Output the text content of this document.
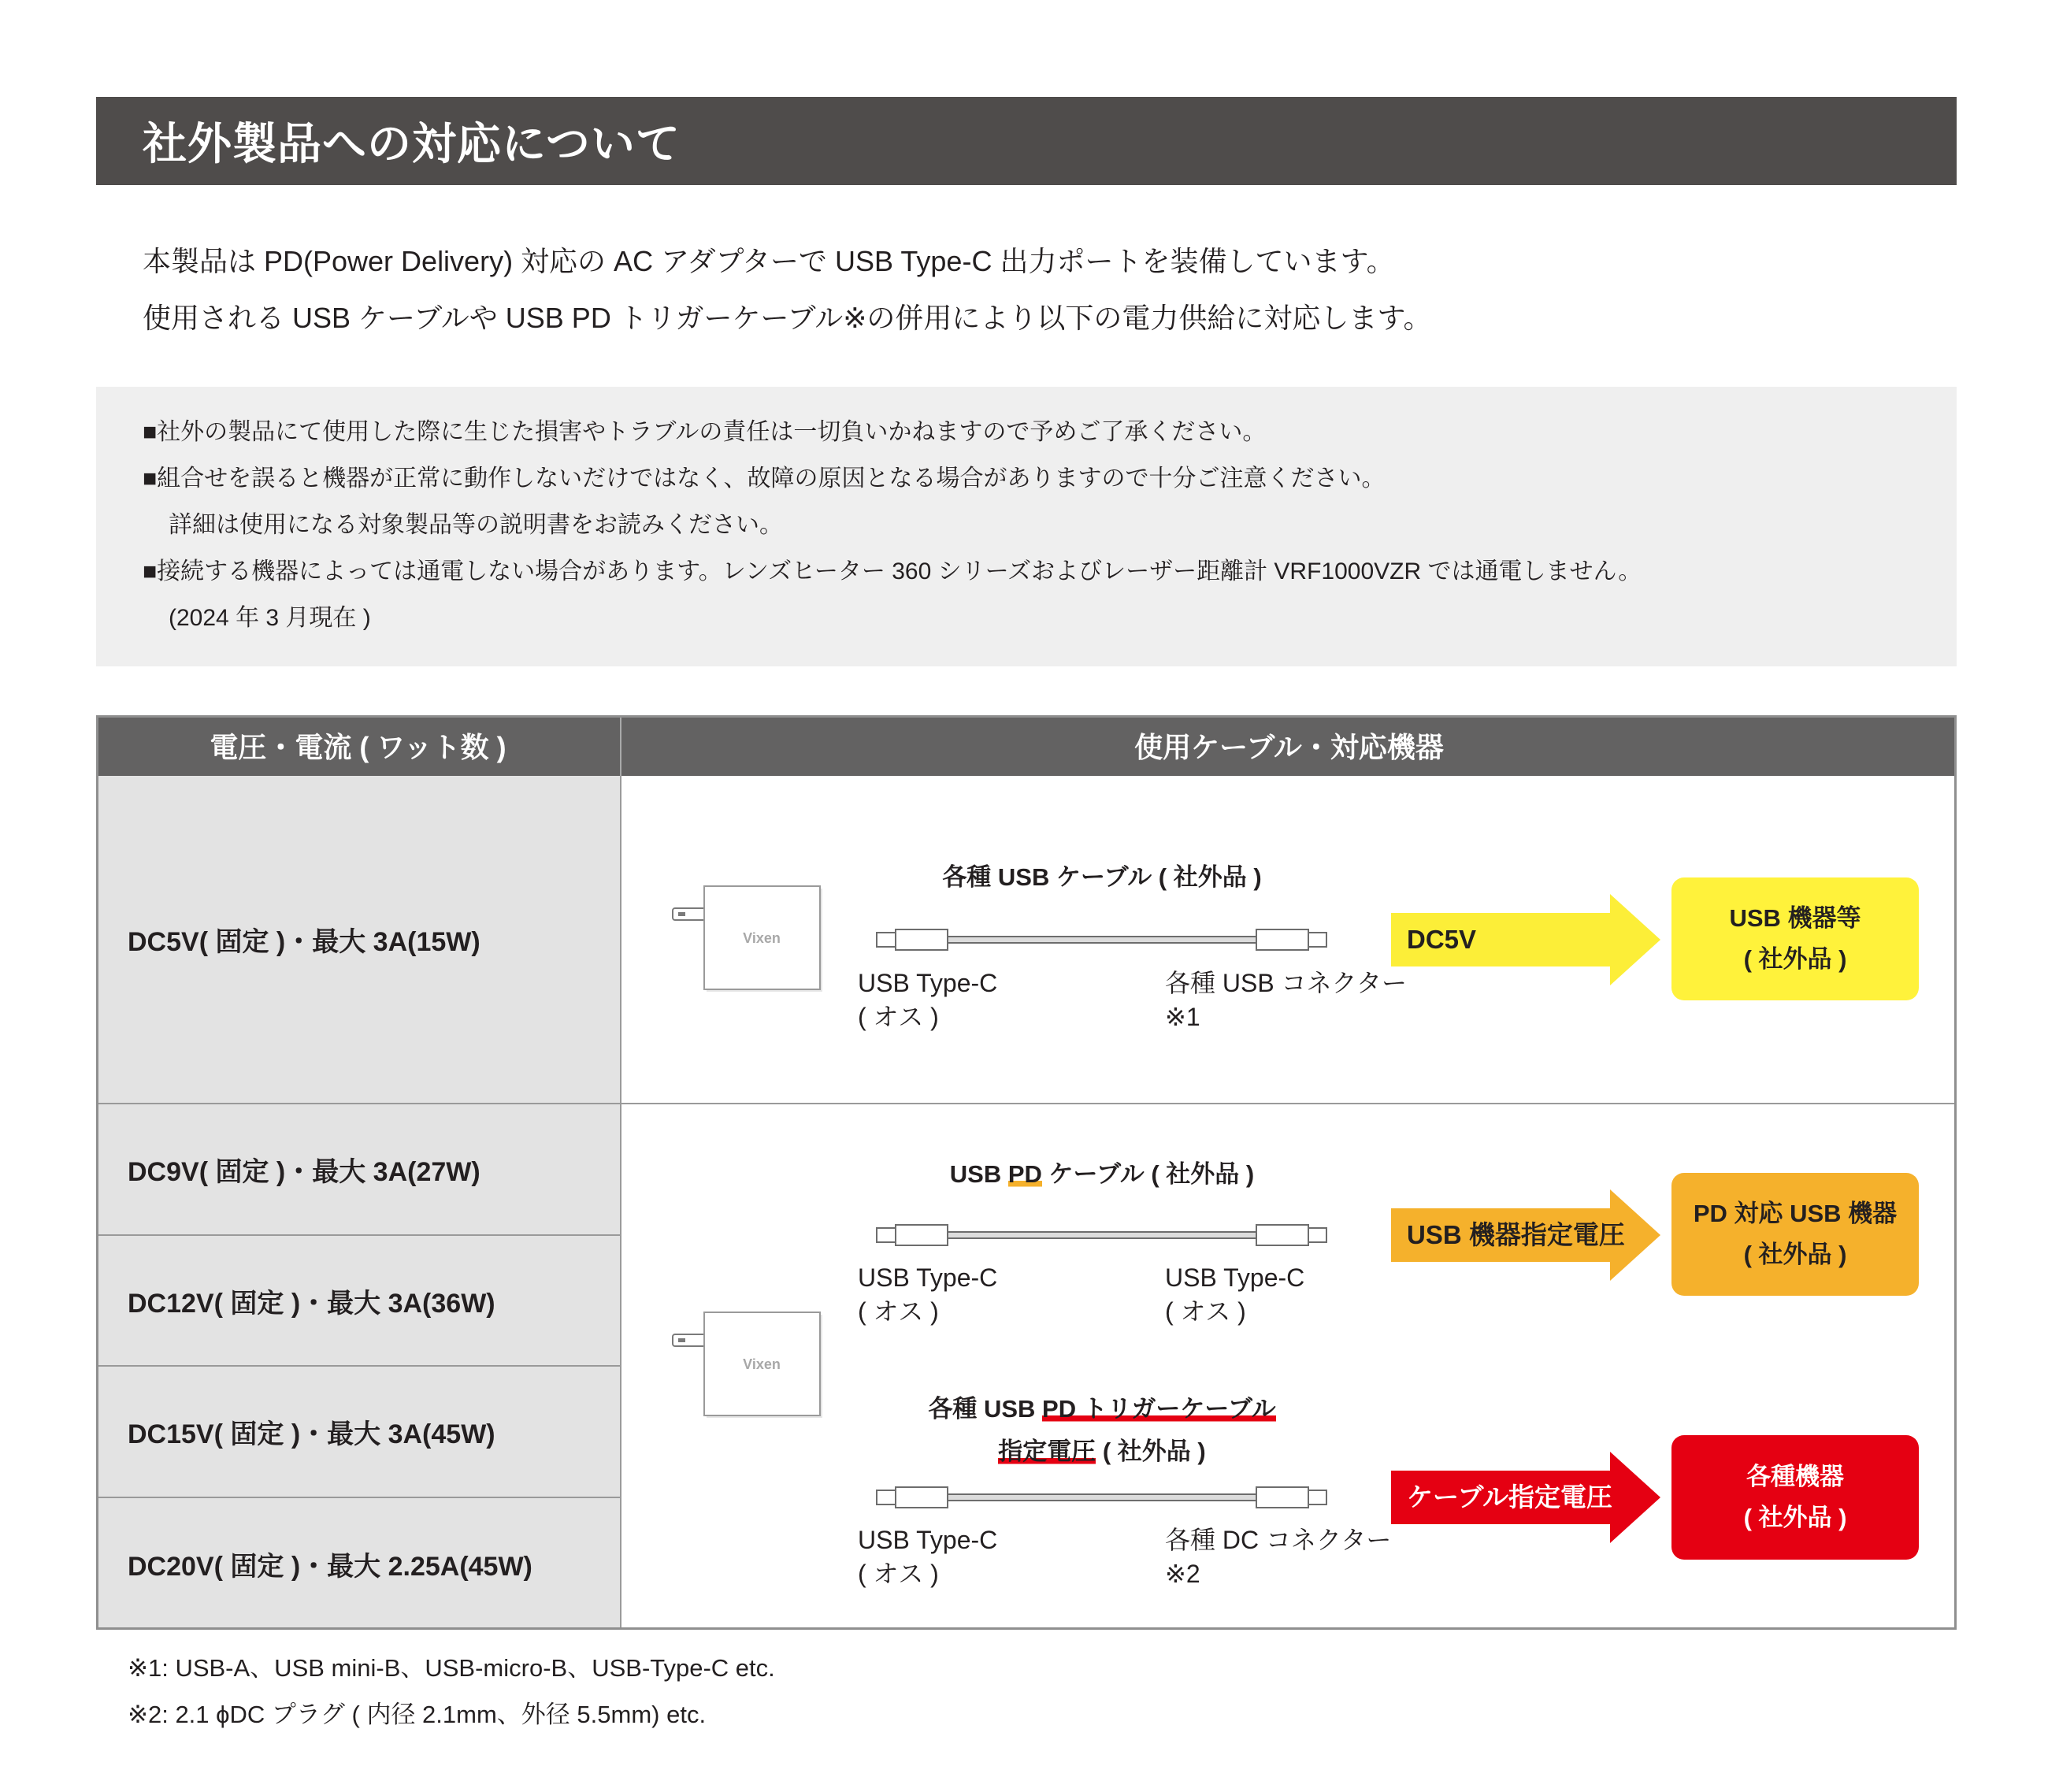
社外製品への対応について
本製品は PD(Power Delivery) 対応の AC アダプターで USB Type-C 出力ポートを装備しています。
使用される USB ケーブルや USB PD トリガーケーブル※の併用により以下の電力供給に対応します。
■社外の製品にて使用した際に生じた損害やトラブルの責任は一切負いかねますので予めご了承ください。
■組合せを誤ると機器が正常に動作しないだけではなく、故障の原因となる場合がありますので十分ご注意ください。
詳細は使用になる対象製品等の説明書をお読みください。
■接続する機器によっては通電しない場合があります。レンズヒーター 360 シリーズおよびレーザー距離計 VRF1000VZR では通電しません。
(2024 年 3 月現在 )
電圧・電流 ( ワット数 )	使用ケーブル・対応機器
DC5V( 固定 )・最大 3A(15W)
DC9V( 固定 )・最大 3A(27W)
DC12V( 固定 )・最大 3A(36W)
DC15V( 固定 )・最大 3A(45W)
DC20V( 固定 )・最大 2.25A(45W)
Vixen
各種 USB ケーブル ( 社外品 )
USB Type-C
( オス )
各種 USB コネクター
※1
DC5V
USB 機器等
( 社外品 )
Vixen
USB PD ケーブル ( 社外品 )
USB Type-C
( オス )
USB Type-C
( オス )
USB 機器指定電圧
PD 対応 USB 機器
( 社外品 )
各種 USB PD トリガーケーブル
指定電圧 ( 社外品 )
USB Type-C
( オス )
各種 DC コネクター
※2
ケーブル指定電圧
各種機器
( 社外品 )
※1: USB-A、USB mini-B、USB-micro-B、USB-Type-C etc.
※2: 2.1 ϕDC プラグ ( 内径 2.1mm、外径 5.5mm) etc.
